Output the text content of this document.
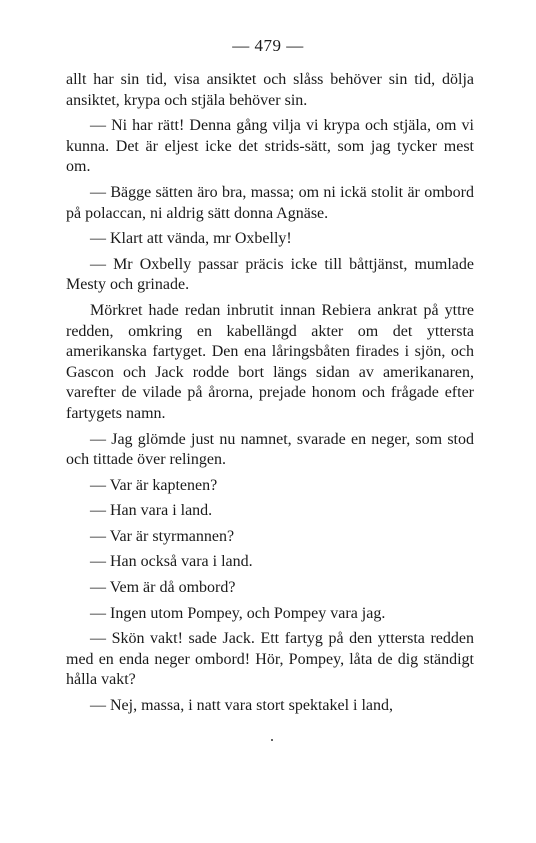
— 479 —

allt har sin tid, visa ansiktet och slåss behöver sin tid, dölja ansiktet, krypa och stjäla behöver sin.

— Ni har rätt! Denna gång vilja vi krypa och stjäla, om vi kunna. Det är eljest icke det strids-sätt, som jag tycker mest om.

— Bägge sätten äro bra, massa; om ni ickä stolit är ombord på polaccan, ni aldrig sätt donna Agnäse.

— Klart att vända, mr Oxbelly!

— Mr Oxbelly passar präcis icke till båttjänst, mumlade Mesty och grinade.

Mörkret hade redan inbrutit innan Rebiera ankrat på yttre redden, omkring en kabellängd akter om det yttersta amerikanska fartyget. Den ena låringsbåten firades i sjön, och Gascon och Jack rodde bort längs sidan av amerikanaren, varefter de vilade på årorna, prejade honom och frågade efter fartygets namn.

— Jag glömde just nu namnet, svarade en neger, som stod och tittade över relingen.

— Var är kaptenen?

— Han vara i land.

— Var är styrmannen?

— Han också vara i land.

— Vem är då ombord?

— Ingen utom Pompey, och Pompey vara jag.

— Skön vakt! sade Jack. Ett fartyg på den yttersta redden med en enda neger ombord! Hör, Pompey, låta de dig ständigt hålla vakt?

— Nej, massa, i natt vara stort spektakel i land,
